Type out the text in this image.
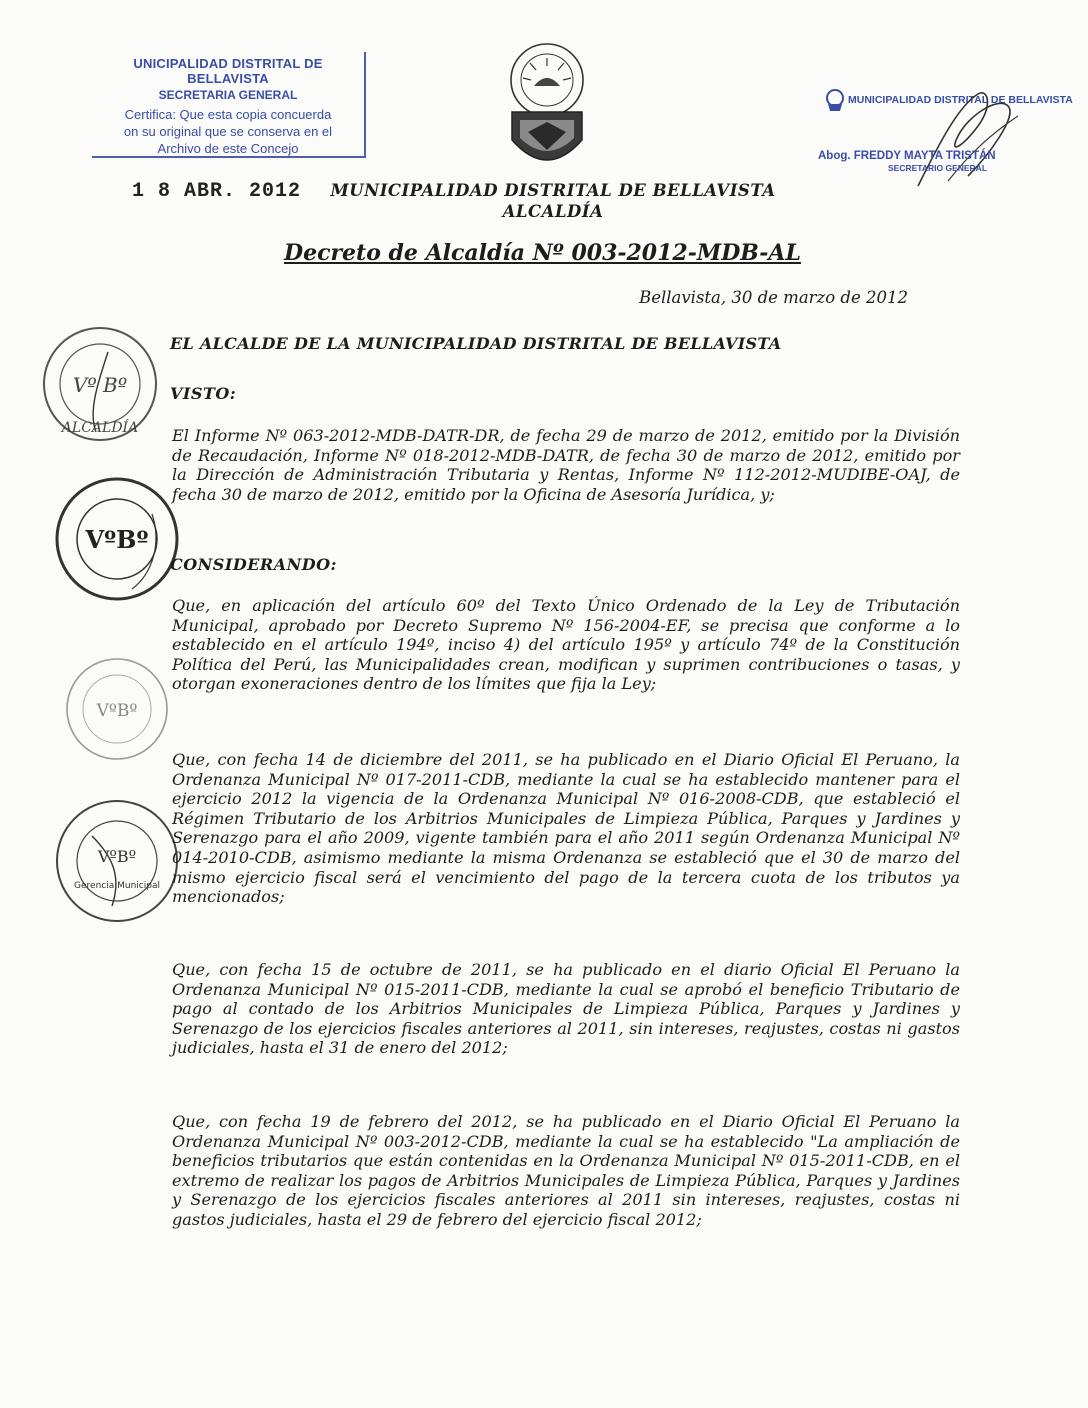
UNICIPALIDAD DISTRITAL DE BELLAVISTA
SECRETARIA GENERAL
Certifica: Que esta copia concuerda
on su original que se conserva en el
Archivo de este Concejo
MUNICIPALIDAD DISTRITAL DE BELLAVISTA
Abog. FREDDY MAYTA TRISTÁN
SECRETARIO GENERAL
1 8 ABR. 2012	MUNICIPALIDAD DISTRITAL DE BELLAVISTA
ALCALDÍA
Decreto de Alcaldía Nº 003-2012-MDB-AL
Bellavista, 30 de marzo de 2012
Vº Bº
ALCALDÍA
VºBº
VºBº
VºBº
Gerencia Municipal
EL ALCALDE DE LA MUNICIPALIDAD DISTRITAL DE BELLAVISTA
VISTO:
El Informe Nº 063-2012-MDB-DATR-DR, de fecha 29 de marzo de 2012, emitido por la División de Recaudación, Informe Nº 018-2012-MDB-DATR, de fecha 30 de marzo de 2012, emitido por la Dirección de Administración Tributaria y Rentas, Informe Nº 112-2012-MUDIBE-OAJ, de fecha 30 de marzo de 2012, emitido por la Oficina de Asesoría Jurídica, y;
CONSIDERANDO:
Que, en aplicación del artículo 60º del Texto Único Ordenado de la Ley de Tributación Municipal, aprobado por Decreto Supremo Nº 156-2004-EF, se precisa que conforme a lo establecido en el artículo 194º, inciso 4) del artículo 195º y artículo 74º de la Constitución Política del Perú, las Municipalidades crean, modifican y suprimen contribuciones o tasas, y otorgan exoneraciones dentro de los límites que fija la Ley;
Que, con fecha 14 de diciembre del 2011, se ha publicado en el Diario Oficial El Peruano, la Ordenanza Municipal Nº 017-2011-CDB, mediante la cual se ha establecido mantener para el ejercicio 2012 la vigencia de la Ordenanza Municipal Nº 016-2008-CDB, que estableció el Régimen Tributario de los Arbitrios Municipales de Limpieza Pública, Parques y Jardines y Serenazgo para el año 2009, vigente también para el año 2011 según Ordenanza Municipal Nº 014-2010-CDB, asimismo mediante la misma Ordenanza se estableció que el 30 de marzo del mismo ejercicio fiscal será el vencimiento del pago de la tercera cuota de los tributos ya mencionados;
Que, con fecha 15 de octubre de 2011, se ha publicado en el diario Oficial El Peruano la Ordenanza Municipal Nº 015-2011-CDB, mediante la cual se aprobó el beneficio Tributario de pago al contado de los Arbitrios Municipales de Limpieza Pública, Parques y Jardines y Serenazgo de los ejercicios fiscales anteriores al 2011, sin intereses, reajustes, costas ni gastos judiciales, hasta el 31 de enero del 2012;
Que, con fecha 19 de febrero del 2012, se ha publicado en el Diario Oficial El Peruano la Ordenanza Municipal Nº 003-2012-CDB, mediante la cual se ha establecido "La ampliación de beneficios tributarios que están contenidas en la Ordenanza Municipal Nº 015-2011-CDB, en el extremo de realizar los pagos de Arbitrios Municipales de Limpieza Pública, Parques y Jardines y Serenazgo de los ejercicios fiscales anteriores al 2011 sin intereses, reajustes, costas ni gastos judiciales, hasta el 29 de febrero del ejercicio fiscal 2012;
